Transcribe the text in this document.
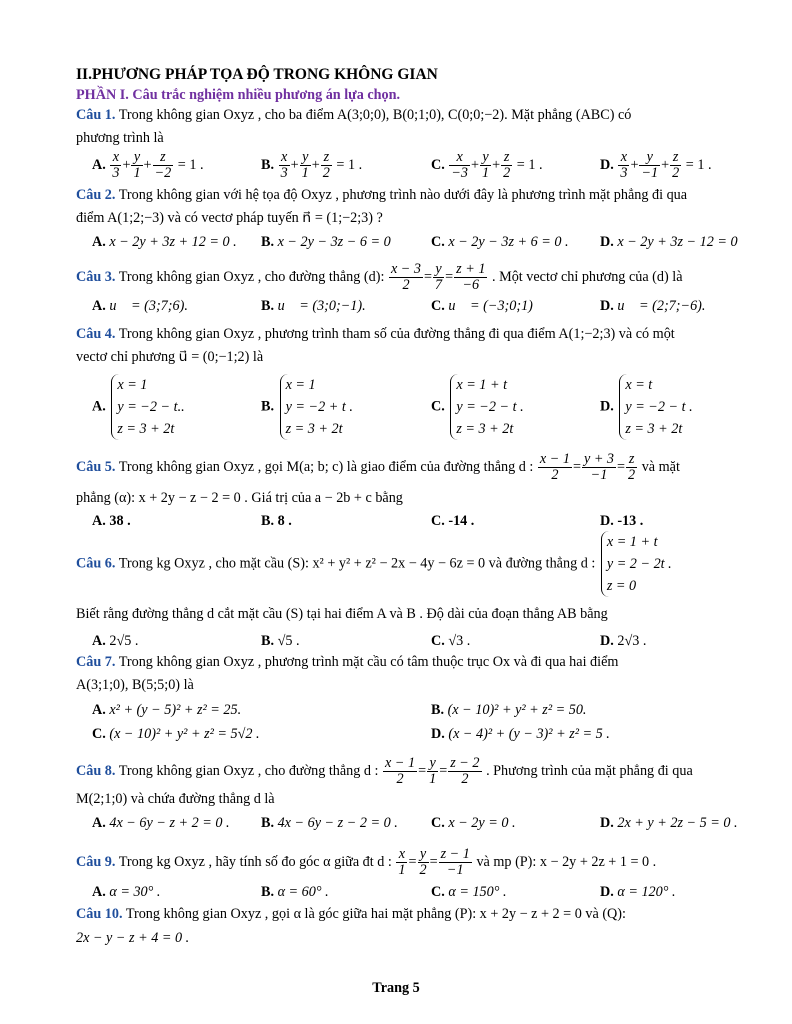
II.PHƯƠNG PHÁP TỌA ĐỘ TRONG KHÔNG GIAN
PHẦN I. Câu trắc nghiệm nhiều phương án lựa chọn.
Câu 1. Trong không gian Oxyz , cho ba điểm A(3;0;0), B(0;1;0), C(0;0;−2). Mặt phẳng (ABC) có
phương trình là
A. $\frac{x}{3} + \frac{y}{1} + \frac{z}{-2} = 1$ .	B. $\frac{x}{3} + \frac{y}{1} + \frac{z}{2} = 1$ .	C. $\frac{x}{-3} + \frac{y}{1} + \frac{z}{2} = 1$ .	D. $\frac{x}{3} + \frac{y}{-1} + \frac{z}{2} = 1$ .
Câu 2. Trong không gian với hệ tọa độ Oxyz , phương trình nào dưới đây là phương trình mặt phẳng đi qua
điểm A(1;2;−3) và có vectơ pháp tuyến n⃗ = (1;−2;3) ?
A. x − 2y + 3z + 12 = 0 . B. x − 2y − 3z − 6 = 0	C. x − 2y − 3z + 6 = 0 . D. x − 2y + 3z − 12 = 0
Câu 3. Trong không gian Oxyz , cho đường thẳng (d): $\frac{x - 3}{2} = \frac{y}{7} = \frac{z + 1}{-6}$ . Một vectơ chỉ phương của (d) là
A. u⃗ = (3;7;6).	B. u⃗ = (3;0;−1).	C. u⃗ = (−3;0;1)	D. u⃗ = (2;7;−6).
Câu 4. Trong không gian Oxyz , phương trình tham số của đường thẳng đi qua điểm A(1;−2;3) và có một
vectơ chỉ phương u⃗ = (0;−1;2) là
A.
x = 1
y = −2 − t..
z = 3 + 2t
B.
x = 1
y = −2 + t .
z = 3 + 2t
C.
x = 1 + t
y = −2 − t .
z = 3 + 2t
D.
x = t
y = −2 − t .
z = 3 + 2t
Câu 5. Trong không gian Oxyz , gọi M(a; b; c) là giao điểm của đường thẳng d : $\frac{x - 1}{2} = \frac{y + 3}{-1} = \frac{z}{2}$ và mặt
phẳng (α): x + 2y − z − 2 = 0 . Giá trị của a − 2b + c bằng
A. 38 .	B. 8 .	C. -14 .	D. -13 .
Câu 6. Trong kg Oxyz , cho mặt cầu (S): x² + y² + z² − 2x − 4y − 6z = 0 và đường thẳng d :
x = 1 + t
y = 2 − 2t .
z = 0
Biết rằng đường thẳng d cắt mặt cầu (S) tại hai điểm A và B . Độ dài của đoạn thẳng AB bằng
A. 2√5 .	B. √5 .	C. √3 .	D. 2√3 .
Câu 7. Trong không gian Oxyz , phương trình mặt cầu có tâm thuộc trục Ox và đi qua hai điểm
A(3;1;0), B(5;5;0) là
A. x² + (y − 5)² + z² = 25.	B. (x − 10)² + y² + z² = 50.
C. (x − 10)² + y² + z² = 5√2 .	D. (x − 4)² + (y − 3)² + z² = 5 .
Câu 8. Trong không gian Oxyz , cho đường thẳng d : $\frac{x - 1}{2} = \frac{y}{1} = \frac{z - 2}{2}$ . Phương trình của mặt phẳng đi qua
M(2;1;0) và chứa đường thẳng d là
A. 4x − 6y − z + 2 = 0 . B. 4x − 6y − z − 2 = 0 . C. x − 2y = 0 .	D. 2x + y + 2z − 5 = 0 .
Câu 9. Trong kg Oxyz , hãy tính số đo góc α giữa đt d : $\frac{x}{1} = \frac{y}{2} = \frac{z - 1}{-1}$ và mp (P): x − 2y + 2z + 1 = 0 .
A. α = 30° .	B. α = 60° .	C. α = 150° .	D. α = 120° .
Câu 10. Trong không gian Oxyz , gọi α là góc giữa hai mặt phẳng (P): x + 2y − z + 2 = 0 và (Q):
2x − y − z + 4 = 0 .
Trang 5
